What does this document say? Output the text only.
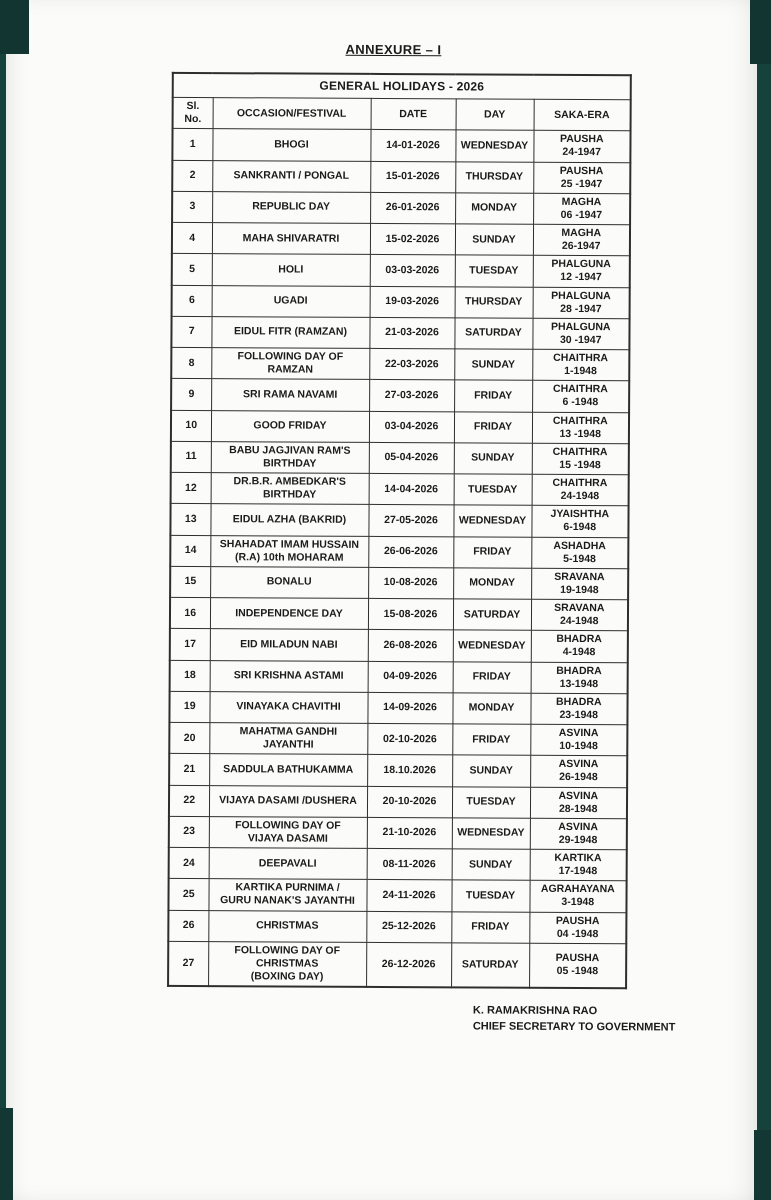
ANNEXURE – I
GENERAL HOLIDAYS - 2026				
Sl.
No.	OCCASION/FESTIVAL	DATE	DAY	SAKA-ERA
1	BHOGI	14-01-2026	WEDNESDAY	PAUSHA
24-1947
2	SANKRANTI / PONGAL	15-01-2026	THURSDAY	PAUSHA
25 -1947
3	REPUBLIC DAY	26-01-2026	MONDAY	MAGHA
06 -1947
4	MAHA SHIVARATRI	15-02-2026	SUNDAY	MAGHA
26-1947
5	HOLI	03-03-2026	TUESDAY	PHALGUNA
12 -1947
6	UGADI	19-03-2026	THURSDAY	PHALGUNA
28 -1947
7	EIDUL FITR (RAMZAN)	21-03-2026	SATURDAY	PHALGUNA
30 -1947
8	FOLLOWING DAY OF
RAMZAN	22-03-2026	SUNDAY	CHAITHRA
1-1948
9	SRI RAMA NAVAMI	27-03-2026	FRIDAY	CHAITHRA
6 -1948
10	GOOD FRIDAY	03-04-2026	FRIDAY	CHAITHRA
13 -1948
11	BABU JAGJIVAN RAM'S
BIRTHDAY	05-04-2026	SUNDAY	CHAITHRA
15 -1948
12	DR.B.R. AMBEDKAR'S
BIRTHDAY	14-04-2026	TUESDAY	CHAITHRA
24-1948
13	EIDUL AZHA (BAKRID)	27-05-2026	WEDNESDAY	JYAISHTHA
6-1948
14	SHAHADAT IMAM HUSSAIN
(R.A) 10th MOHARAM	26-06-2026	FRIDAY	ASHADHA
5-1948
15	BONALU	10-08-2026	MONDAY	SRAVANA
19-1948
16	INDEPENDENCE DAY	15-08-2026	SATURDAY	SRAVANA
24-1948
17	EID MILADUN NABI	26-08-2026	WEDNESDAY	BHADRA
4-1948
18	SRI KRISHNA ASTAMI	04-09-2026	FRIDAY	BHADRA
13-1948
19	VINAYAKA CHAVITHI	14-09-2026	MONDAY	BHADRA
23-1948
20	MAHATMA GANDHI
JAYANTHI	02-10-2026	FRIDAY	ASVINA
10-1948
21	SADDULA BATHUKAMMA	18.10.2026	SUNDAY	ASVINA
26-1948
22	VIJAYA DASAMI /DUSHERA	20-10-2026	TUESDAY	ASVINA
28-1948
23	FOLLOWING DAY OF
VIJAYA DASAMI	21-10-2026	WEDNESDAY	ASVINA
29-1948
24	DEEPAVALI	08-11-2026	SUNDAY	KARTIKA
17-1948
25	KARTIKA PURNIMA /
GURU NANAK'S JAYANTHI	24-11-2026	TUESDAY	AGRAHAYANA
3-1948
26	CHRISTMAS	25-12-2026	FRIDAY	PAUSHA
04 -1948
27	FOLLOWING DAY OF
CHRISTMAS
(BOXING DAY)	26-12-2026	SATURDAY	PAUSHA
05 -1948
K. RAMAKRISHNA RAO
CHIEF SECRETARY TO GOVERNMENT
